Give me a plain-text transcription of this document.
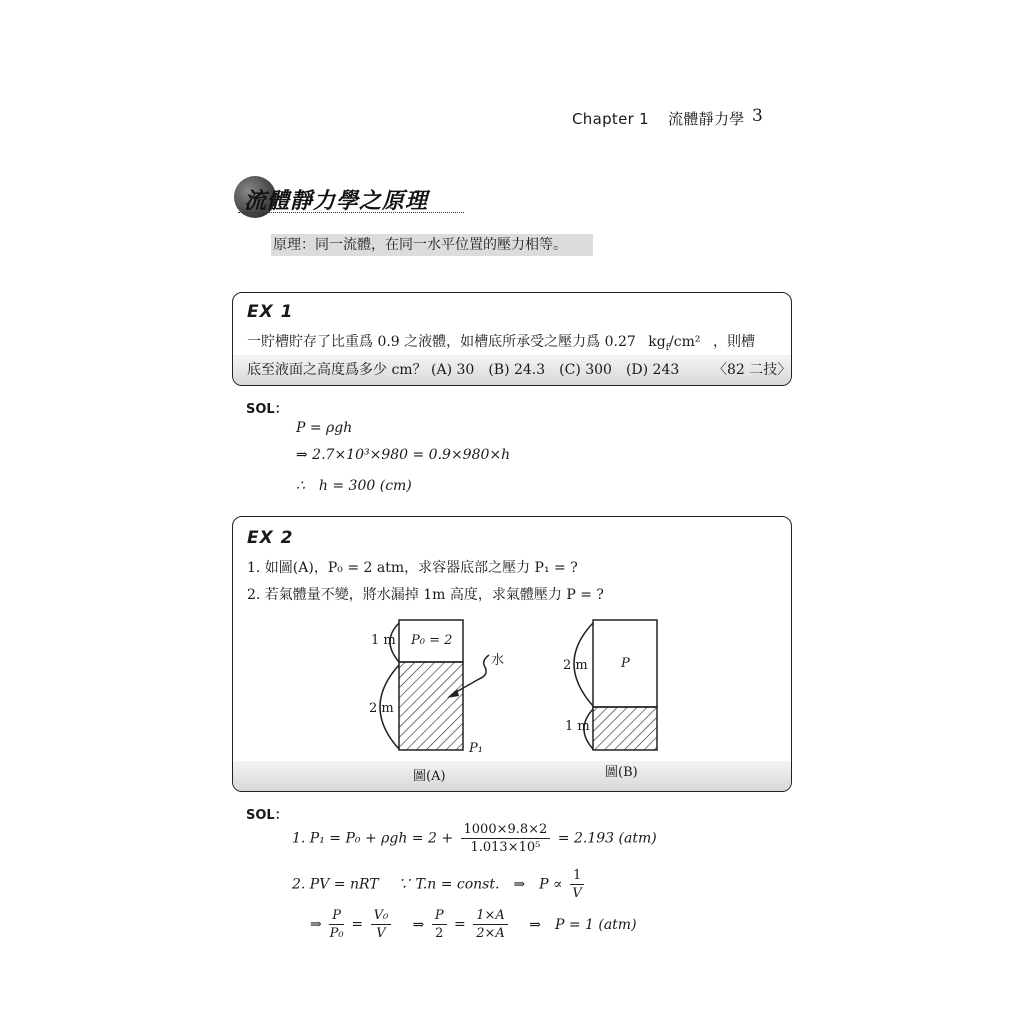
Chapter 1 流體靜力學 3
流體靜力學之原理
原理：同一流體，在同一水平位置的壓力相等。
EX 1
一貯槽貯存了比重爲 0.9 之液體，如槽底所承受之壓力爲 0.27 $kg_f$/cm² ，則槽
底至液面之高度爲多少 cm？ (A) 30　(B) 24.3　(C) 300　(D) 243 〈82 二技〉
SOL：
P = ρgh
⇒ 2.7×10³×980 = 0.9×980×h
∴　h = 300 (cm)
EX 2
1. 如圖(A)，P₀ = 2 atm，求容器底部之壓力 P₁ = ?
2. 若氣體量不變，將水漏掉 1m 高度，求氣體壓力 P = ?
1 m
2 m
P₀ = 2
水
P₁
圖(A)
2 m
1 m
P
圖(B)
SOL：
1. $P_1 = P_0 + \rho gh = 2 + \frac{1000\times 9.8\times 2}{\text{1.013×10⁵}} = 2.193$ (atm)
2. PV = nRT　 ∵ T.n = const.　⇒　$P \propto \frac{1}{V}$
⇒ $\frac{P}{\text{P₀}} = \frac{\text{V₀}}{V}$ ⇒ $\frac{P}{2} = \frac{1\times A}{2\times A}$ ⇒　P = 1 (atm)
